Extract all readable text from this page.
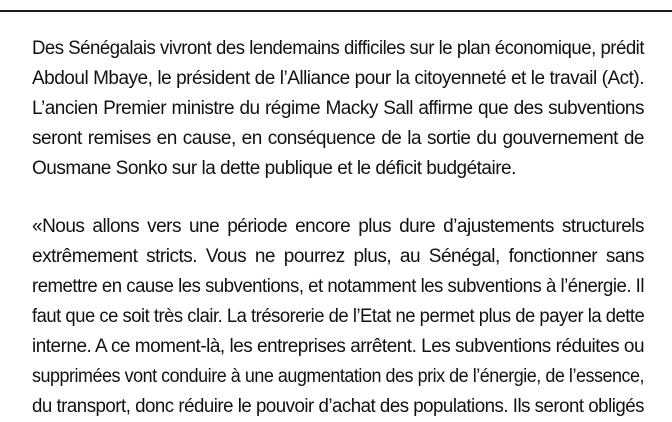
Des Sénégalais vivront des lendemains difficiles sur le plan économique, prédit
Abdoul Mbaye, le président de l’Alliance pour la citoyenneté et le travail (Act).
L’ancien Premier ministre du régime Macky Sall affirme que des subventions
seront remises en cause, en conséquence de la sortie du gouvernement de
Ousmane Sonko sur la dette publique et le déficit budgétaire.
«Nous allons vers une période encore plus dure d’ajustements structurels
extrêmement stricts. Vous ne pourrez plus, au Sénégal, fonctionner sans
remettre en cause les subventions, et notamment les subventions à l’énergie. Il
faut que ce soit très clair. La trésorerie de l’Etat ne permet plus de payer la dette
interne. A ce moment-là, les entreprises arrêtent. Les subventions réduites ou
supprimées vont conduire à une augmentation des prix de l’énergie, de l’essence,
du transport, donc réduire le pouvoir d’achat des populations. Ils seront obligés
